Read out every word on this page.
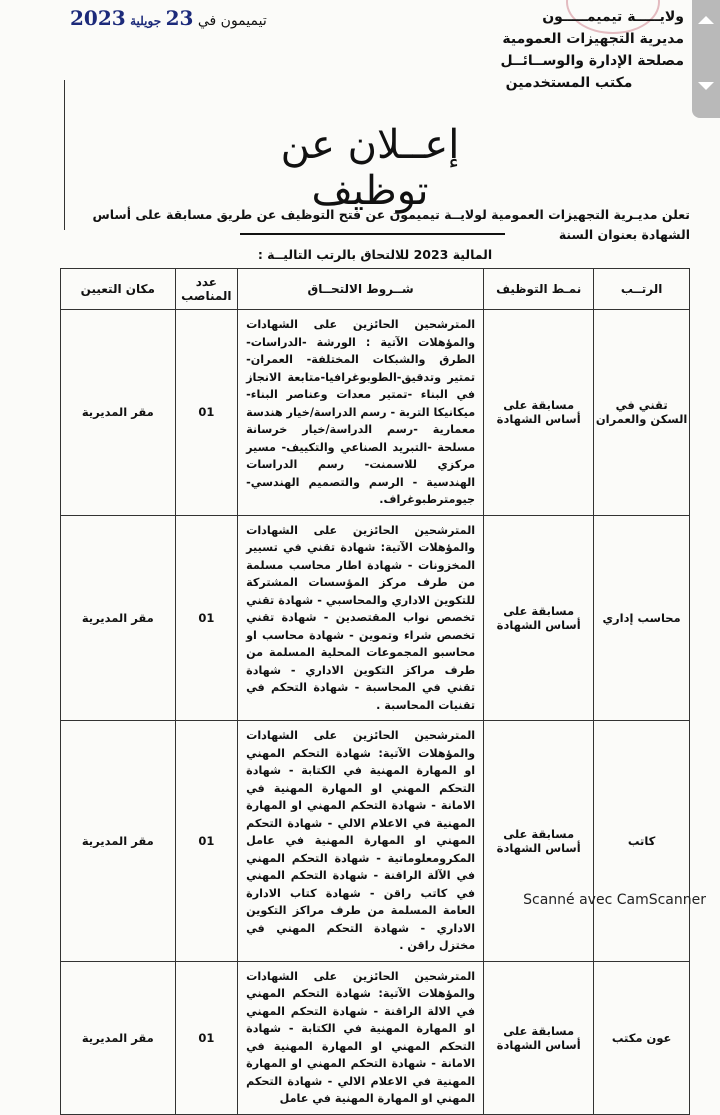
ولايـــــة تيميمـــــون
مديرية التجهيزات العمومية
مصلحة الإدارة والوســائــل
مكتب المستخدمين
تيميمون في 23 جويلية 2023
إعــلان عن توظيف
تعلن مديـرية التجهيزات العمومية لولايــة تيميمون عن فتح التوظيف عن طريق مسابقة على أساس الشهادة بعنوان السنة
المالية 2023 للالتحاق بالرتب التاليــة :
الرتــب	نمـط التوظيف	شــروط الالتحــاق	عدد المناصب	مكان التعيين
تقني في السكن والعمران	مسابقة على أساس الشهادة	المترشحين الحائزين على الشهادات والمؤهلات الآتية : الورشة -الدراسات-الطرق والشبكات المختلفة- العمران- تمتير وتدقيق-الطوبوغرافيا-متابعة الانجاز في البناء -تمتير معدات وعناصر البناء-ميكانيكا التربة - رسم الدراسة/خيار هندسة معمارية -رسم الدراسة/خيار خرسانة مسلحة -التبريد الصناعي والتكييف- مسير مركزي للاسمنت- رسم الدراسات الهندسية - الرسم والتصميم الهندسي- جيومترطبوغراف.	01	مقر المديرية
محاسب إداري	مسابقة على أساس الشهادة	المترشحين الحائزين على الشهادات والمؤهلات الآتية: شهادة تقني في تسيير المخزونات - شهادة اطار محاسب مسلمة من طرف مركز المؤسسات المشتركة للتكوين الاداري والمحاسبي - شهادة تقني تخصص نواب المقتصدين - شهادة تقني تخصص شراء وتموين - شهادة محاسب او محاسبو المجموعات المحلية المسلمة من طرف مراكز التكوين الاداري - شهادة تقني في المحاسبة - شهادة التحكم في تقنيات المحاسبة .	01	مقر المديرية
كاتب	مسابقة على أساس الشهادة	المترشحين الحائزين على الشهادات والمؤهلات الآتية: شهادة التحكم المهني او المهارة المهنية في الكتابة - شهادة التحكم المهني او المهارة المهنية في الامانة - شهادة التحكم المهني او المهارة المهنية في الاعلام الالي - شهادة التحكم المهني او المهارة المهنية في عامل المكرومعلوماتية - شهادة التحكم المهني في الآلة الراقنة - شهادة التحكم المهني في كاتب راقن - شهادة كتاب الادارة العامة المسلمة من طرف مراكز التكوين الاداري - شهادة التحكم المهني في مختزل راقن .	01	مقر المديرية
عون مكتب	مسابقة على أساس الشهادة	المترشحين الحائزين على الشهادات والمؤهلات الآتية: شهادة التحكم المهني في الالة الراقنة - شهادة التحكم المهني او المهارة المهنية في الكتابة - شهادة التحكم المهني او المهارة المهنية في الامانة - شهادة التحكم المهني او المهارة المهنية في الاعلام الالي - شهادة التحكم المهني او المهارة المهنية في عامل	01	مقر المديرية
Scanné avec CamScanner
